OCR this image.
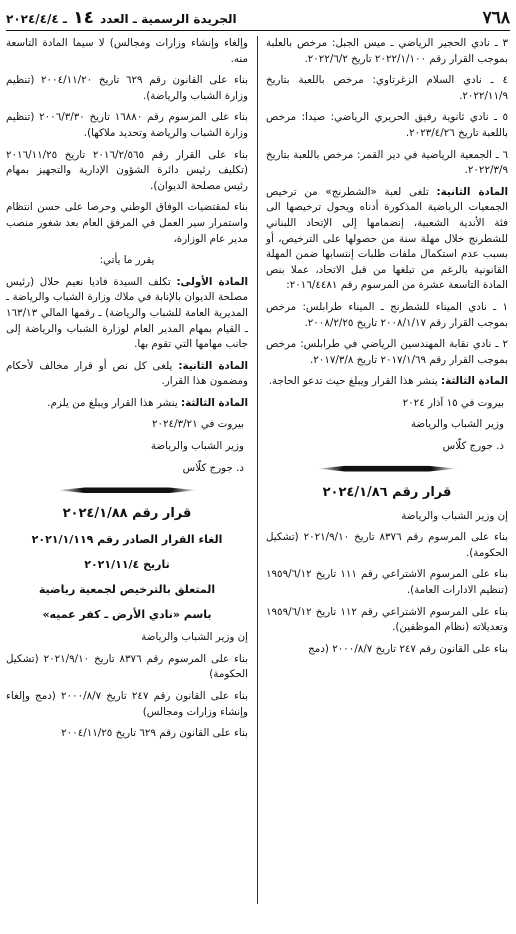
٧٦٨
الجريدة الرسمية ـ العدد ١٤ ـ ٢٠٢٤/٤/٤

٣ ـ نادي الحجير الرياضي ـ ميس الجبل: مرخص بالعلبة بموجب القرار رقم ٢٠٢٢/١/١٠٠ تاريخ ٢٠٢٢/٦/٢.

٤ ـ نادي السلام الزغرتاوي: مرخص باللعبة بتاريخ ٢٠٢٢/١١/٩.

٥ ـ نادي ثانوية رفيق الحريري الرياضي: صيدا: مرخص باللعبة تاريخ ٢٠٢٣/٤/٢٦.

٦ ـ الجمعية الرياضية في دير القمر: مرخص باللعبة بتاريخ ٢٠٢٢/٣/٩.

المادة الثانية: تلغى لعبة «الشطرنج» من ترخيص الجمعيات الرياضية المذكورة أدناه ويحول ترخيصها الى فئة الأندية الشعبية، إنضمامها إلى الإتحاد اللبناني للشطرنج خلال مهلة سنة من حصولها على الترخيص، أو بسبب عدم استكمال ملفات طلبات إنتسابها ضمن المهلة القانونية بالرغم من تبلغها من قبل الاتحاد، عملا بنص المادة التاسعة عشرة من المرسوم رقم ٢٠١٦/٤٤٨١:

١ ـ نادي الميناء للشطرنج ـ الميناء طرابلس: مرخص بموجب القرار رقم ٢٠٠٨/١/١٧ تاريخ ٢٠٠٨/٢/٢٥.

٢ ـ نادي نقابة المهندسين الرياضي في طرابلس: مرخص بموجب القرار رقم ٢٠١٧/١/٦٩ تاريخ ٢٠١٧/٣/٨.

المادة الثالثة: ينشر هذا القرار ويبلغ حيث تدعو الحاجة.

بيروت في ١٥ آذار ٢٠٢٤

وزير الشباب والرياضة

د. جورج كلّاس

قرار رقم ٢٠٢٤/١/٨٦

إن وزير الشباب والرياضة

بناء على المرسوم رقم ٨٣٧٦ تاريخ ٢٠٢١/٩/١٠ (تشكيل الحكومة).

بناء على المرسوم الاشتراعي رقم ١١١ تاريخ ١٩٥٩/٦/١٢ (تنظيم الادارات العامة).

بناء على المرسوم الاشتراعي رقم ١١٢ تاريخ ١٩٥٩/٦/١٢ وتعديلاته (نظام الموظفين).

بناء على القانون رقم ٢٤٧ تاريخ ٢٠٠٠/٨/٧ (دمج

وإلغاء وإنشاء وزارات ومجالس) لا سيما المادة التاسعة منه.

بناء على القانون رقم ٦٢٩ تاريخ ٢٠٠٤/١١/٢٠ (تنظيم وزارة الشباب والرياضة).

بناء على المرسوم رقم ١٦٨٨٠ تاريخ ٢٠٠٦/٣/٣٠ (تنظيم وزارة الشباب والرياضة وتحديد ملاكها).

بناء على القرار رقم ٢٠١٦/٢/٥٦٥ تاريخ ٢٠١٦/١١/٢٥ (تكليف رئيس دائرة الشؤون الإدارية والتجهيز بمهام رئيس مصلحة الديوان).

بناء لمقتضيات الوفاق الوطني وحرصا على حسن انتظام واستمرار سير العمل في المرفق العام بعد شغور منصب مدير عام الوزارة،

يقرر ما يأتي:

المادة الأولى: تكلف السيدة فاديا نعيم حلال (رئيس مصلحة الديوان بالإنابة في ملاك وزارة الشباب والرياضة ـ المديرية العامة للشباب والرياضة) ـ رقمها المالي ١٦٣/١٣ ـ القيام بمهام المدير العام لوزارة الشباب والرياضة إلى جانب مهامها التي تقوم بها.

المادة الثانية: يلغى كل نص أو قرار مخالف لأحكام ومضمون هذا القرار.

المادة الثالثة: ينشر هذا القرار ويبلغ من يلزم.

بيروت في ٢٠٢٤/٣/٢١

وزير الشباب والرياضة

د. جورج كلّاس

قرار رقم ٢٠٢٤/١/٨٨

الغاء القرار الصادر رقم ٢٠٢١/١/١١٩

تاريخ ٢٠٢١/١١/٤

المتعلق بالترخيص لجمعية رياضية

باسم «نادي الأرض ـ كفر عميه»

إن وزير الشباب والرياضة

بناء على المرسوم رقم ٨٣٧٦ تاريخ ٢٠٢١/٩/١٠ (تشكيل الحكومة)

بناء على القانون رقم ٢٤٧ تاريخ ٢٠٠٠/٨/٧ (دمج وإلغاء وإنشاء وزارات ومجالس)

بناء على القانون رقم ٦٢٩ تاريخ ٢٠٠٤/١١/٢٥
